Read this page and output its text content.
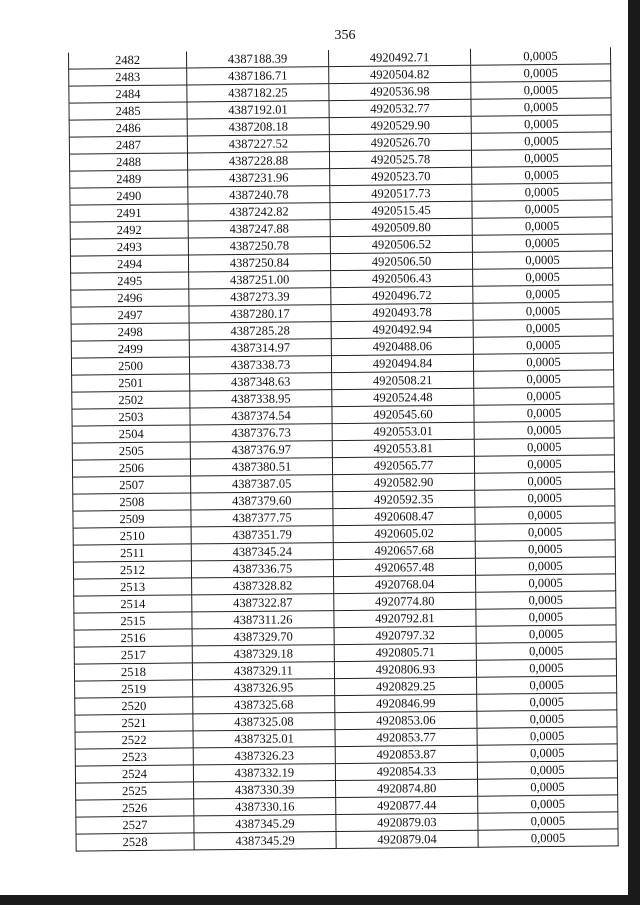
356
2482	4387188.39	4920492.71	0,0005
2483	4387186.71	4920504.82	0,0005
2484	4387182.25	4920536.98	0,0005
2485	4387192.01	4920532.77	0,0005
2486	4387208.18	4920529.90	0,0005
2487	4387227.52	4920526.70	0,0005
2488	4387228.88	4920525.78	0,0005
2489	4387231.96	4920523.70	0,0005
2490	4387240.78	4920517.73	0,0005
2491	4387242.82	4920515.45	0,0005
2492	4387247.88	4920509.80	0,0005
2493	4387250.78	4920506.52	0,0005
2494	4387250.84	4920506.50	0,0005
2495	4387251.00	4920506.43	0,0005
2496	4387273.39	4920496.72	0,0005
2497	4387280.17	4920493.78	0,0005
2498	4387285.28	4920492.94	0,0005
2499	4387314.97	4920488.06	0,0005
2500	4387338.73	4920494.84	0,0005
2501	4387348.63	4920508.21	0,0005
2502	4387338.95	4920524.48	0,0005
2503	4387374.54	4920545.60	0,0005
2504	4387376.73	4920553.01	0,0005
2505	4387376.97	4920553.81	0,0005
2506	4387380.51	4920565.77	0,0005
2507	4387387.05	4920582.90	0,0005
2508	4387379.60	4920592.35	0,0005
2509	4387377.75	4920608.47	0,0005
2510	4387351.79	4920605.02	0,0005
2511	4387345.24	4920657.68	0,0005
2512	4387336.75	4920657.48	0,0005
2513	4387328.82	4920768.04	0,0005
2514	4387322.87	4920774.80	0,0005
2515	4387311.26	4920792.81	0,0005
2516	4387329.70	4920797.32	0,0005
2517	4387329.18	4920805.71	0,0005
2518	4387329.11	4920806.93	0,0005
2519	4387326.95	4920829.25	0,0005
2520	4387325.68	4920846.99	0,0005
2521	4387325.08	4920853.06	0,0005
2522	4387325.01	4920853.77	0,0005
2523	4387326.23	4920853.87	0,0005
2524	4387332.19	4920854.33	0,0005
2525	4387330.39	4920874.80	0,0005
2526	4387330.16	4920877.44	0,0005
2527	4387345.29	4920879.03	0,0005
2528	4387345.29	4920879.04	0,0005
